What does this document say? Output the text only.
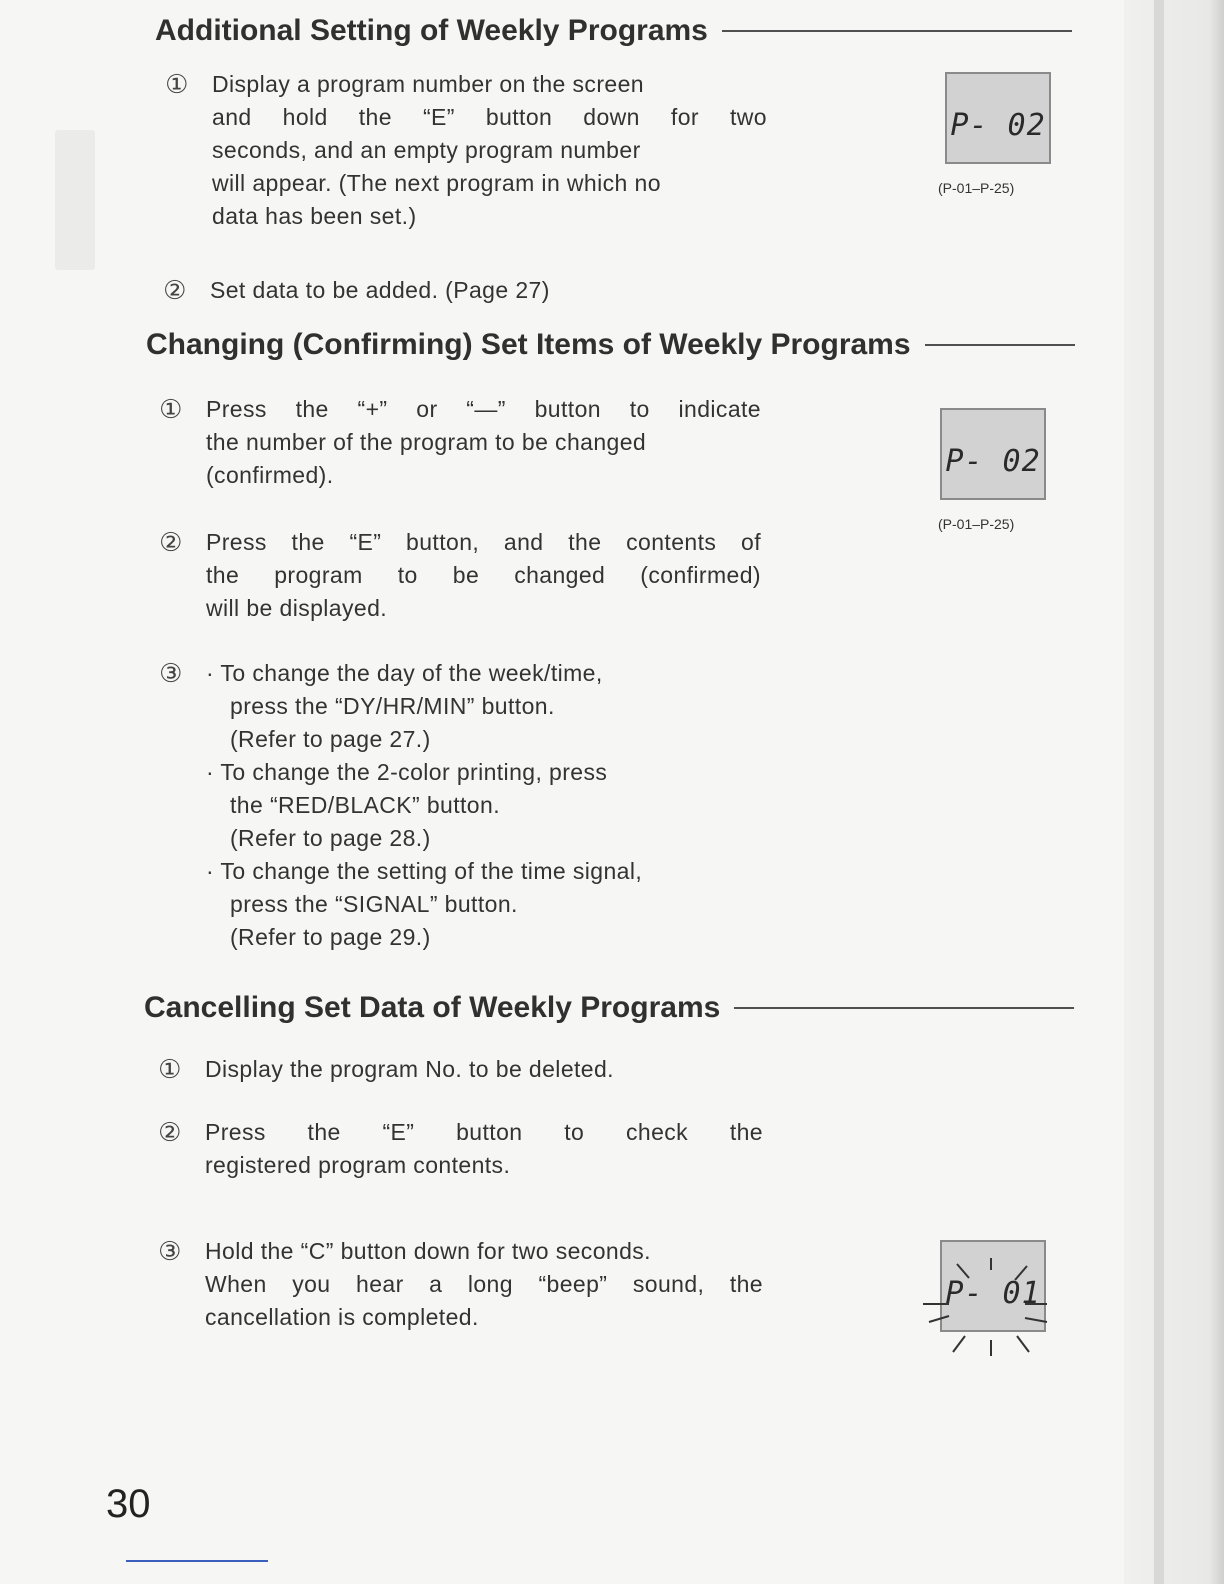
Additional Setting of Weekly Programs
① Display a program number on the screen
and hold the “E” button down for two
seconds, and an empty program number
will appear. (The next program in which no
data has been set.)
② Set data to be added. (Page 27)
P- 02
(P-01–P-25)
Changing (Confirming) Set Items of Weekly Programs
① Press the “+” or “—” button to indicate
the number of the program to be changed
(confirmed).
② Press the “E” button, and the contents of
the program to be changed (confirmed)
will be displayed.
③ · To change the day of the week/time,
press the “DY/HR/MIN” button.
(Refer to page 27.)
· To change the 2-color printing, press
the “RED/BLACK” button.
(Refer to page 28.)
· To change the setting of the time signal,
press the “SIGNAL” button.
(Refer to page 29.)
P- 02
(P-01–P-25)
Cancelling Set Data of Weekly Programs
① Display the program No. to be deleted.
② Press the “E” button to check the
registered program contents.
③ Hold the “C” button down for two seconds.
When you hear a long “beep” sound, the
cancellation is completed.
P- 01
30
